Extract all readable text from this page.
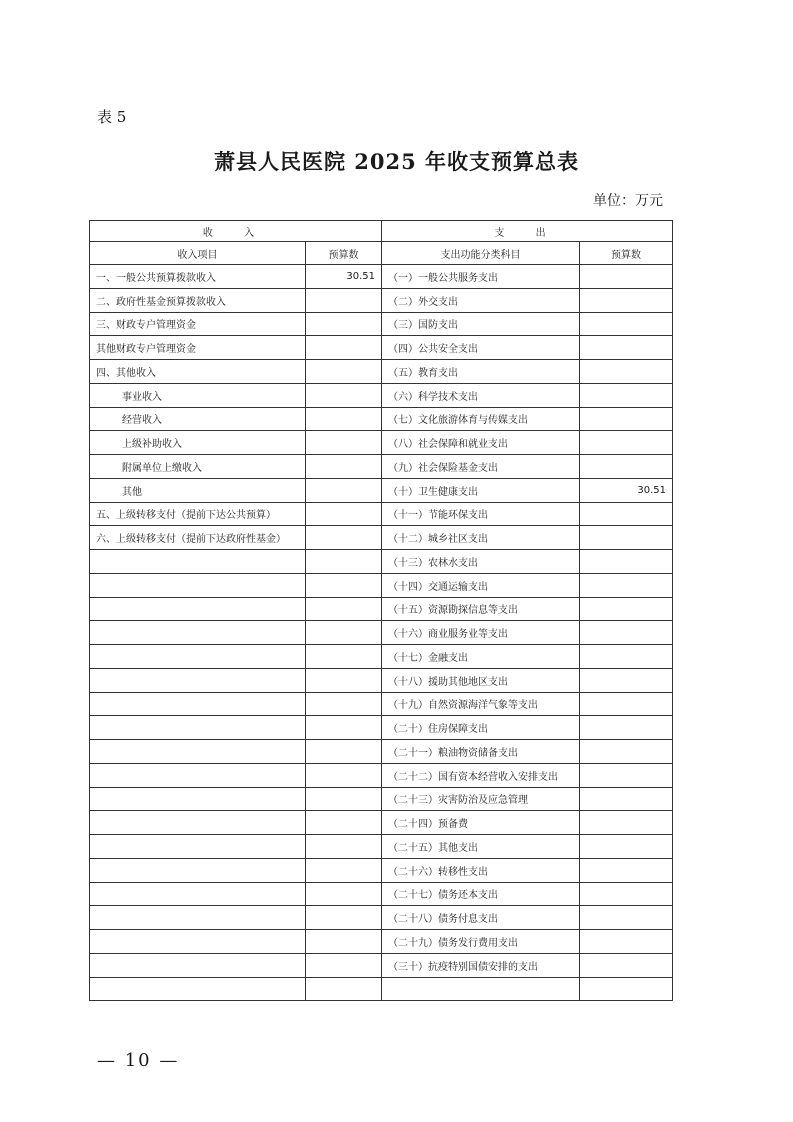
表 5
萧县人民医院 2025 年收支预算总表
单位：万元
收 入		支 出	
收入项目	预算数	支出功能分类科目	预算数
一、一般公共预算拨款收入	30.51	（一）一般公共服务支出	
二、政府性基金预算拨款收入		（二）外交支出	
三、财政专户管理资金		（三）国防支出	
其他财政专户管理资金		（四）公共安全支出	
四、其他收入		（五）教育支出	
事业收入		（六）科学技术支出	
经营收入		（七）文化旅游体育与传媒支出	
上级补助收入		（八）社会保障和就业支出	
附属单位上缴收入		（九）社会保险基金支出	
其他		（十）卫生健康支出	30.51
五、上级转移支付（提前下达公共预算）		（十一）节能环保支出	
六、上级转移支付（提前下达政府性基金）		（十二）城乡社区支出	
		（十三）农林水支出	
		（十四）交通运输支出	
		（十五）资源勘探信息等支出	
		（十六）商业服务业等支出	
		（十七）金融支出	
		（十八）援助其他地区支出	
		（十九）自然资源海洋气象等支出	
		（二十）住房保障支出	
		（二十一）粮油物资储备支出	
		（二十二）国有资本经营收入安排支出	
		（二十三）灾害防治及应急管理	
		（二十四）预备费	
		（二十五）其他支出	
		（二十六）转移性支出	
		（二十七）债务还本支出	
		（二十八）债务付息支出	
		（二十九）债务发行费用支出	
		（三十）抗疫特别国债安排的支出	

— 10 —
